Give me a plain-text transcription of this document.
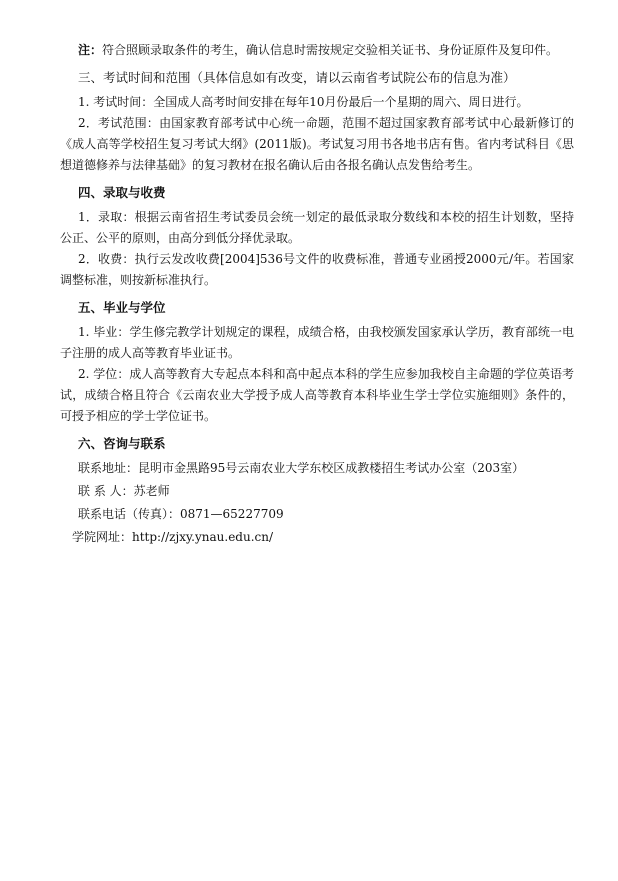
注：符合照顾录取条件的考生，确认信息时需按规定交验相关证书、身份证原件及复印件。

三、考试时间和范围（具体信息如有改变，请以云南省考试院公布的信息为准）

1. 考试时间：全国成人高考时间安排在每年10月份最后一个星期的周六、周日进行。

2．考试范围：由国家教育部考试中心统一命题，范围不超过国家教育部考试中心最新修订的《成人高等学校招生复习考试大纲》(2011版)。考试复习用书各地书店有售。省内考试科目《思想道德修养与法律基础》的复习教材在报名确认后由各报名确认点发售给考生。

四、录取与收费

1．录取：根据云南省招生考试委员会统一划定的最低录取分数线和本校的招生计划数，坚持公正、公平的原则，由高分到低分择优录取。

2．收费：执行云发改收费[2004]536号文件的收费标准，普通专业函授2000元/年。若国家调整标准，则按新标准执行。

五、毕业与学位

1. 毕业：学生修完教学计划规定的课程，成绩合格，由我校颁发国家承认学历，教育部统一电子注册的成人高等教育毕业证书。

2. 学位：成人高等教育大专起点本科和高中起点本科的学生应参加我校自主命题的学位英语考试，成绩合格且符合《云南农业大学授予成人高等教育本科毕业生学士学位实施细则》条件的，可授予相应的学士学位证书。

六、咨询与联系

联系地址：昆明市金黑路95号云南农业大学东校区成教楼招生考试办公室（203室）

联 系 人：苏老师

联系电话（传真）：0871—65227709

学院网址：http://zjxy.ynau.edu.cn/
